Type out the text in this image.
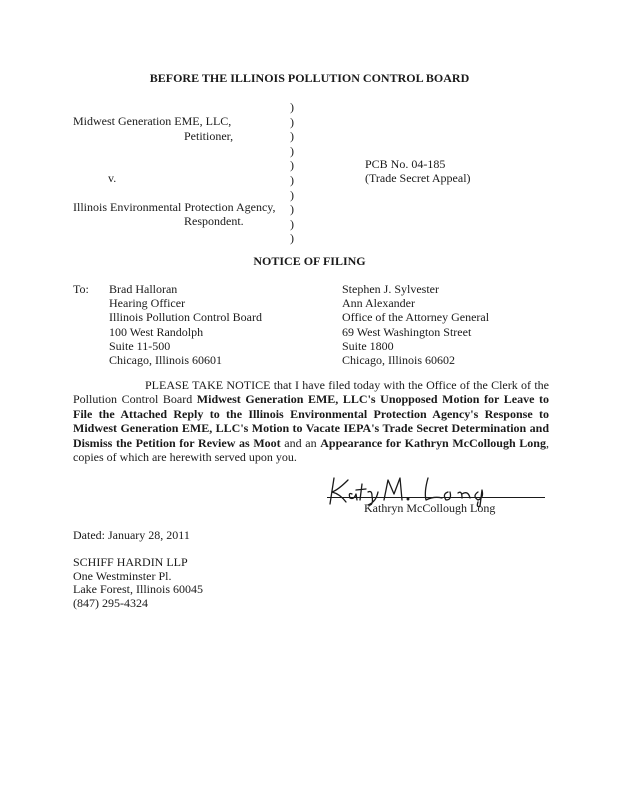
BEFORE THE ILLINOIS POLLUTION CONTROL BOARD
Midwest Generation EME, LLC,
Petitioner,
v.
Illinois Environmental Protection Agency,
Respondent.
)
)
)
)
)
)
)
)
)
)
PCB No. 04-185
(Trade Secret Appeal)
NOTICE OF FILING
To: Brad Halloran
Hearing Officer
Illinois Pollution Control Board
100 West Randolph
Suite 11-500
Chicago, Illinois 60601
Stephen J. Sylvester
Ann Alexander
Office of the Attorney General
69 West Washington Street
Suite 1800
Chicago, Illinois 60602
PLEASE TAKE NOTICE that I have filed today with the Office of the Clerk of the Pollution Control Board Midwest Generation EME, LLC's Unopposed Motion for Leave to File the Attached Reply to the Illinois Environmental Protection Agency's Response to Midwest Generation EME, LLC's Motion to Vacate IEPA's Trade Secret Determination and Dismiss the Petition for Review as Moot and an Appearance for Kathryn McCollough Long, copies of which are herewith served upon you.
Kathryn McCollough Long
Dated: January 28, 2011
SCHIFF HARDIN LLP
One Westminster Pl.
Lake Forest, Illinois 60045
(847) 295-4324
